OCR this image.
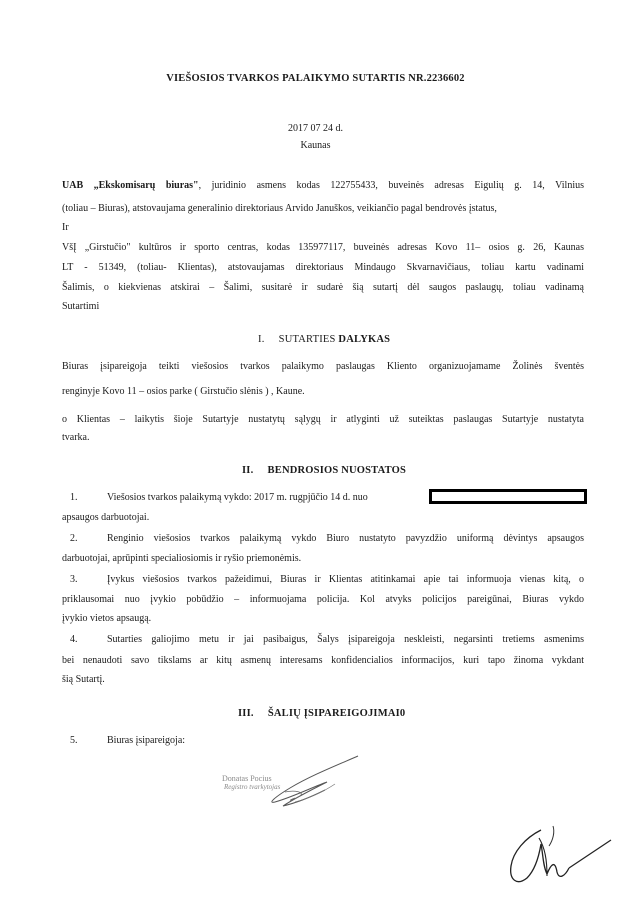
VIEŠOSIOS TVARKOS PALAIKYMO SUTARTIS NR.2236602
2017 07 24 d.
Kaunas
UAB „Ekskomisarų biuras", juridinio asmens kodas 122755433, buveinės adresas Eigulių g. 14, Vilnius
(toliau – Biuras), atstovaujama generalinio direktoriaus Arvido Januškos, veikiančio pagal bendrovės įstatus,
Ir
VšĮ „Girstučio" kultūros ir sporto centras, kodas 135977117, buveinės adresas Kovo 11– osios g. 26, Kaunas
LT - 51349, (toliau- Klientas), atstovaujamas direktoriaus Mindaugo Skvarnavičiaus, toliau kartu vadinami
Šalimis, o kiekvienas atskirai – Šalimi, susitarė ir sudarė šią sutartį dėl saugos paslaugų, toliau vadinamą
Sutartimi
I. SUTARTIES DALYKAS
Biuras įsipareigoja teikti viešosios tvarkos palaikymo paslaugas Kliento organizuojamame Žolinės šventės
renginyje Kovo 11 – osios parke ( Girstučio slėnis ) , Kaune.
o Klientas – laikytis šioje Sutartyje nustatytų sąlygų ir atlyginti už suteiktas paslaugas Sutartyje nustatyta
tvarka.
II. BENDROSIOS NUOSTATOS
1.	Viešosios tvarkos palaikymą vykdo: 2017 m. rugpjūčio 14 d. nuo
apsaugos darbuotojai.
2.	Renginio viešosios tvarkos palaikymą vykdo Biuro nustatyto pavyzdžio uniformą dėvintys apsaugos
darbuotojai, aprūpinti specialiosiomis ir ryšio priemonėmis.
3.	Įvykus viešosios tvarkos pažeidimui, Biuras ir Klientas atitinkamai apie tai informuoja vienas kitą, o
priklausomai nuo įvykio pobūdžio – informuojama policija. Kol atvyks policijos pareigūnai, Biuras vykdo
įvykio vietos apsaugą.
4.	Sutarties galiojimo metu ir jai pasibaigus, Šalys įsipareigoja neskleisti, negarsinti tretiems asmenims
bei nenaudoti savo tikslams ar kitų asmenų interesams konfidencialios informacijos, kuri tapo žinoma vykdant
šią Sutartį.
III. ŠALIŲ ĮSIPAREIGOJIMAI0
5.	Biuras įsipareigoja:
Donatas Pocius
Registro tvarkytojas
